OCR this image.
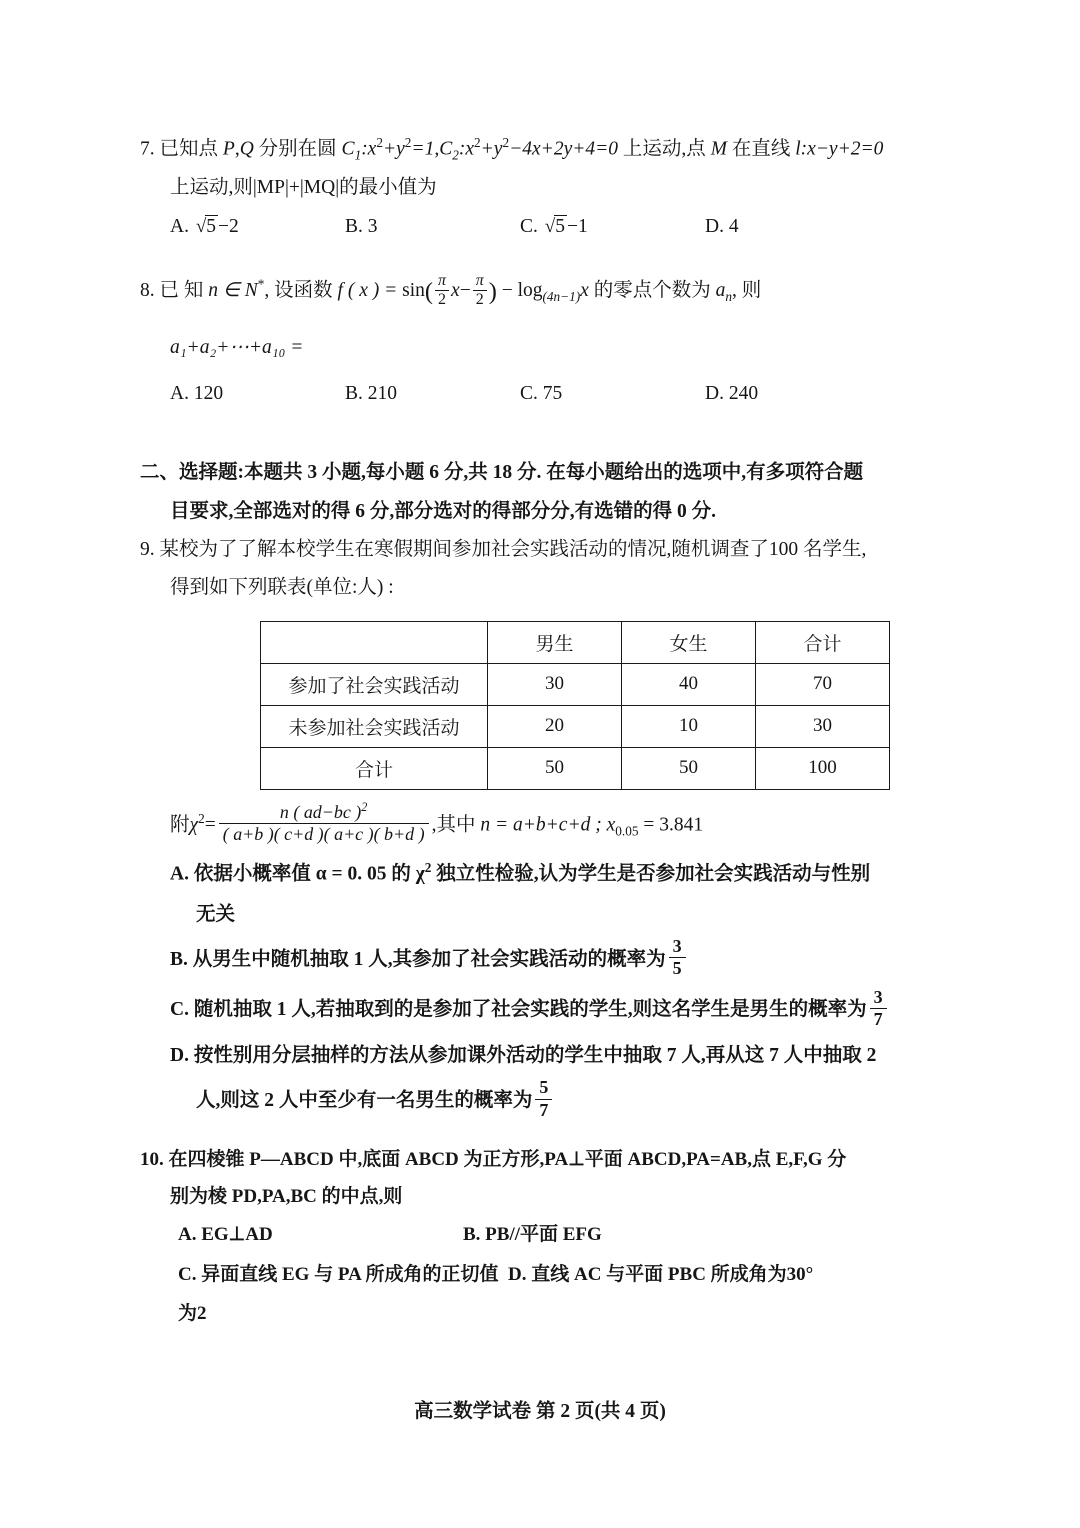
7. 已知点 P,Q 分别在圆 $C_1:x^2+y^2=1,C_2:x^2+y^2-4x+2y+4=0$ 上运动,点 M 在直线 l:x−y+2=0
上运动,则|MP|+|MQ|的最小值为
A. √5 −2	B. 3	C. √5 −1	D. 4
8. 已 知 n ∈ N*, 设函数 f ( x ) = $\sin( \frac{\pi}{2} x- \frac{\pi}{2}$ ) − $\log_{(4n-1)}x$ 的零点个数为 $a_n$, 则
a₁+a₂+⋯+a₁₀ =
A. 120	B. 210	C. 75	D. 240
二、选择题:本题共 3 小题,每小题 6 分,共 18 分. 在每小题给出的选项中,有多项符合题
目要求,全部选对的得 6 分,部分选对的得部分分,有选错的得 0 分.
9. 某校为了了解本校学生在寒假期间参加社会实践活动的情况,随机调查了100 名学生,
得到如下列联表(单位:人) :
	男生	女生	合计
参加了社会实践活动	30	40	70
未参加社会实践活动	20	10	30
合计	50	50	100
附$\chi^2= \frac{n ( ad-bc )^2}{( a+b )( c+d )( a+c )( b+d )}$ ,其中 n = a+b+c+d ; $x_{0.05} = 3.841$
A. 依据小概率值 α = 0. 05 的 $\chi^2$ 独立性检验,认为学生是否参加社会实践活动与性别
无关
B. 从男生中随机抽取 1 人,其参加了社会实践活动的概率为 $\frac{3}{5}$
C. 随机抽取 1 人,若抽取到的是参加了社会实践的学生,则这名学生是男生的概率为 $\frac{3}{7}$
D. 按性别用分层抽样的方法从参加课外活动的学生中抽取 7 人,再从这 7 人中抽取 2
人,则这 2 人中至少有一名男生的概率为 $\frac{5}{7}$
10. 在四棱锥 P—ABCD 中,底面 ABCD 为正方形,PA⊥平面 ABCD,PA=AB,点 E,F,G 分
别为棱 PD,PA,BC 的中点,则
A. EG⊥AD	B. PB//平面 EFG
C. 异面直线 EG 与 PA 所成角的正切值为2
D. 直线 AC 与平面 PBC 所成角为30°
高三数学试卷 第 2 页(共 4 页)
